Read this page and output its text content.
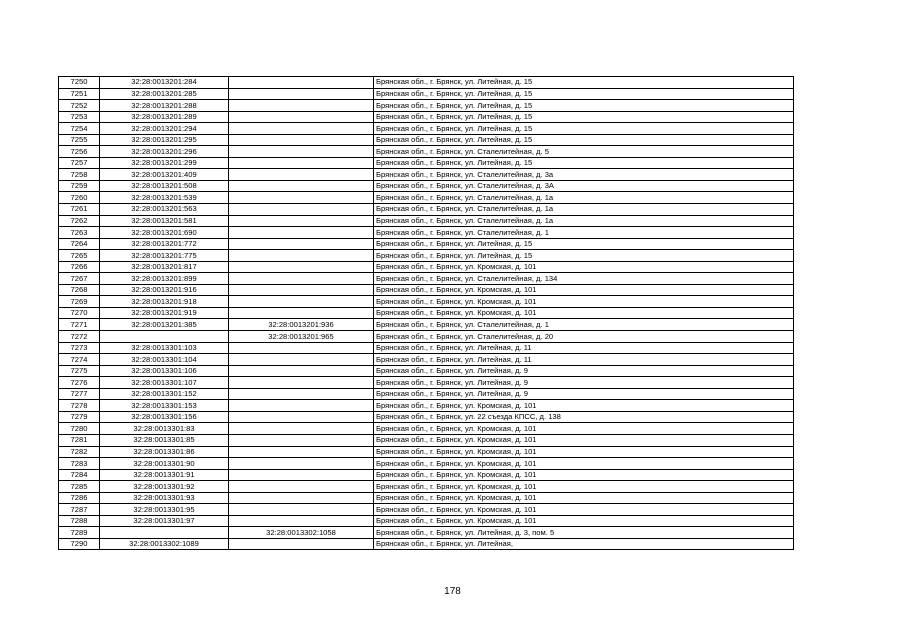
7250	32:28:0013201:284		Брянская обл., г. Брянск, ул. Литейная, д. 15
7251	32:28:0013201:285		Брянская обл., г. Брянск, ул. Литейная, д. 15
7252	32:28:0013201:288		Брянская обл., г. Брянск, ул. Литейная, д. 15
7253	32:28:0013201:289		Брянская обл., г. Брянск, ул. Литейная, д. 15
7254	32:28:0013201:294		Брянская обл., г. Брянск, ул. Литейная, д. 15
7255	32:28:0013201:295		Брянская обл., г. Брянск, ул. Литейная, д. 15
7256	32:28:0013201:296		Брянская обл., г. Брянск, ул. Сталелитейная, д. 5
7257	32:28:0013201:299		Брянская обл., г. Брянск, ул. Литейная, д. 15
7258	32:28:0013201:409		Брянская обл., г. Брянск, ул. Сталелитейная, д. 3а
7259	32:28:0013201:508		Брянская обл., г. Брянск, ул. Сталелитейная, д. 3А
7260	32:28:0013201:539		Брянская обл., г. Брянск, ул. Сталелитейная, д. 1а
7261	32:28:0013201:563		Брянская обл., г. Брянск, ул. Сталелитейная, д. 1а
7262	32:28:0013201:581		Брянская обл., г. Брянск, ул. Сталелитейная, д. 1а
7263	32:28:0013201:690		Брянская обл., г. Брянск, ул. Сталелитейная, д. 1
7264	32:28:0013201:772		Брянская обл., г. Брянск, ул. Литейная, д. 15
7265	32:28:0013201:775		Брянская обл., г. Брянск, ул. Литейная, д. 15
7266	32:28:0013201:817		Брянская обл., г. Брянск, ул. Кромская, д. 101
7267	32:28:0013201:899		Брянская обл., г. Брянск, ул. Сталелитейная, д. 134
7268	32:28:0013201:916		Брянская обл., г. Брянск, ул. Кромская, д. 101
7269	32:28:0013201:918		Брянская обл., г. Брянск, ул. Кромская, д. 101
7270	32:28:0013201:919		Брянская обл., г. Брянск, ул. Кромская, д. 101
7271	32:28:0013201:385	32:28:0013201:936	Брянская обл., г. Брянск, ул. Сталелитейная, д. 1
7272		32:28:0013201:965	Брянская обл., г. Брянск, ул. Сталелитейная, д. 20
7273	32:28:0013301:103		Брянская обл., г. Брянск, ул. Литейная, д. 11
7274	32:28:0013301:104		Брянская обл., г. Брянск, ул. Литейная, д. 11
7275	32:28:0013301:106		Брянская обл., г. Брянск, ул. Литейная, д. 9
7276	32:28:0013301:107		Брянская обл., г. Брянск, ул. Литейная, д. 9
7277	32:28:0013301:152		Брянская обл., г. Брянск, ул. Литейная, д. 9
7278	32:28:0013301:153		Брянская обл., г. Брянск, ул. Кромская, д. 101
7279	32:28:0013301:156		Брянская обл., г. Брянск, ул. 22 съезда КПСС, д. 138
7280	32:28:0013301:83		Брянская обл., г. Брянск, ул. Кромская, д. 101
7281	32:28:0013301:85		Брянская обл., г. Брянск, ул. Кромская, д. 101
7282	32:28:0013301:86		Брянская обл., г. Брянск, ул. Кромская, д. 101
7283	32:28:0013301:90		Брянская обл., г. Брянск, ул. Кромская, д. 101
7284	32:28:0013301:91		Брянская обл., г. Брянск, ул. Кромская, д. 101
7285	32:28:0013301:92		Брянская обл., г. Брянск, ул. Кромская, д. 101
7286	32:28:0013301:93		Брянская обл., г. Брянск, ул. Кромская, д. 101
7287	32:28:0013301:95		Брянская обл., г. Брянск, ул. Кромская, д. 101
7288	32:28:0013301:97		Брянская обл., г. Брянск, ул. Кромская, д. 101
7289		32:28:0013302:1058	Брянская обл., г. Брянск, ул. Литейная, д. 3, пом. 5
7290	32:28:0013302:1089		Брянская обл., г. Брянск, ул. Литейная,
178
